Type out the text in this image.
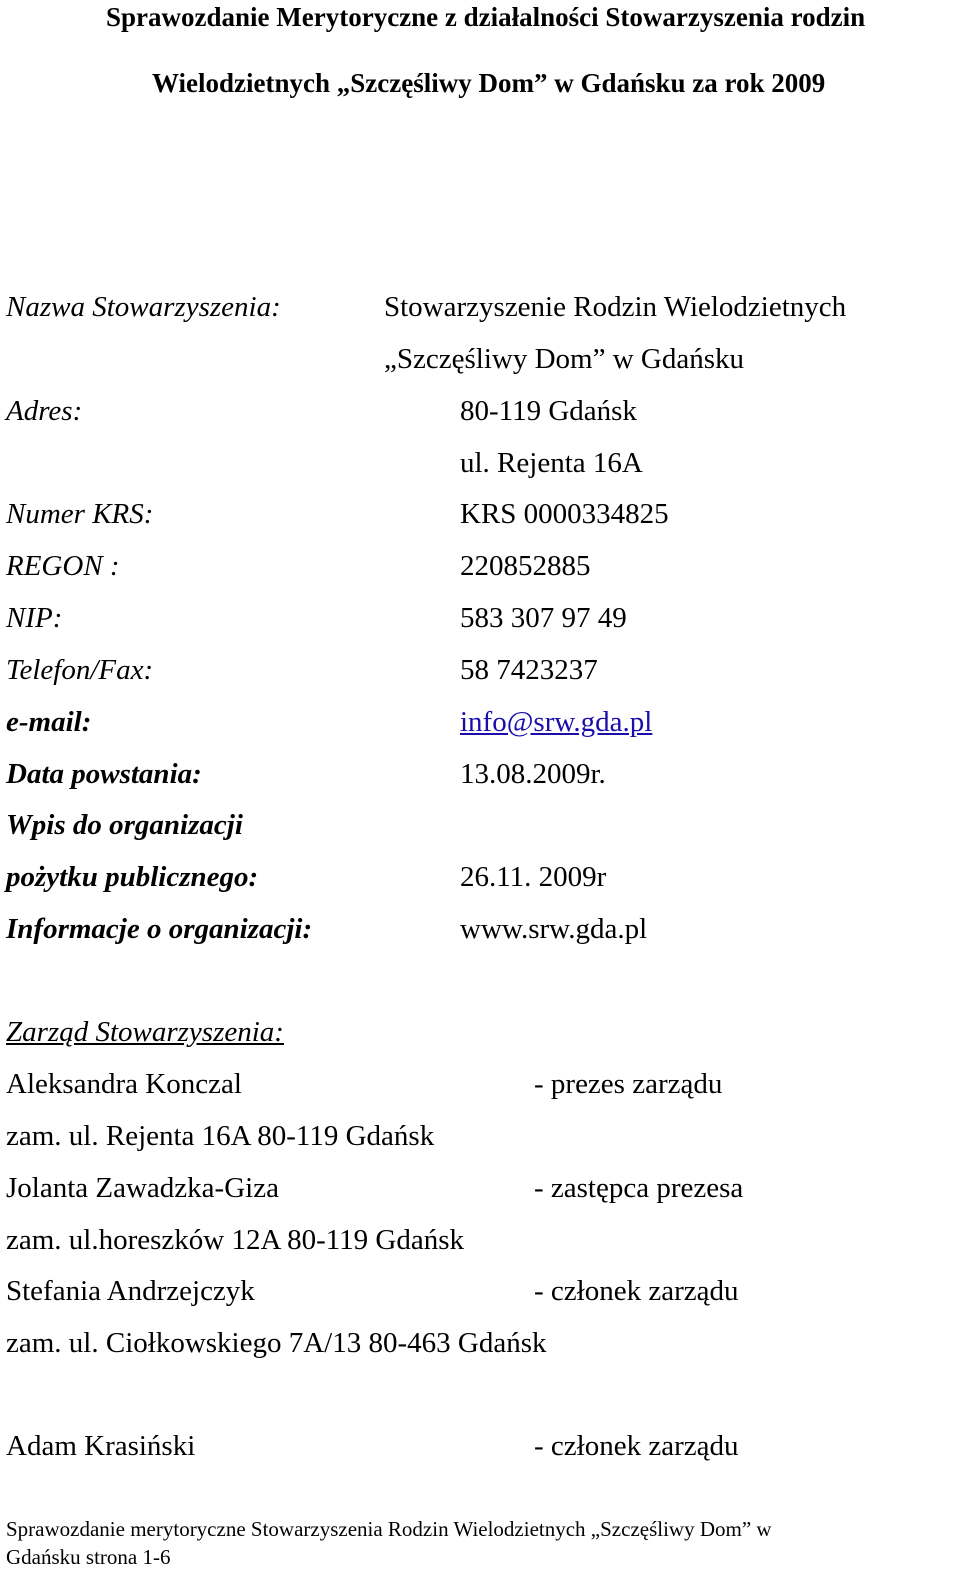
Sprawozdanie Merytoryczne z działalności Stowarzyszenia rodzin
Wielodzietnych „Szczęśliwy Dom” w Gdańsku za rok 2009
Nazwa Stowarzyszenia:	Stowarzyszenie Rodzin Wielodzietnych
„Szczęśliwy Dom” w Gdańsku
Adres:	80-119 Gdańsk
ul. Rejenta 16A
Numer KRS:	KRS 0000334825
REGON :	220852885
NIP:	583 307 97 49
Telefon/Fax:	58 7423237
e-mail:	info@srw.gda.pl
Data powstania:	13.08.2009r.
Wpis do organizacji
pożytku publicznego:	26.11. 2009r
Informacje o organizacji:	www.srw.gda.pl
Zarząd Stowarzyszenia:
Aleksandra Konczal	- prezes zarządu
zam. ul. Rejenta 16A 80-119 Gdańsk
Jolanta Zawadzka-Giza	- zastępca prezesa
zam. ul.horeszków 12A 80-119 Gdańsk
Stefania Andrzejczyk	- członek zarządu
zam. ul. Ciołkowskiego 7A/13 80-463 Gdańsk
Adam Krasiński	- członek zarządu
Sprawozdanie merytoryczne Stowarzyszenia Rodzin Wielodzietnych „Szczęśliwy Dom” w
Gdańsku strona 1-6
